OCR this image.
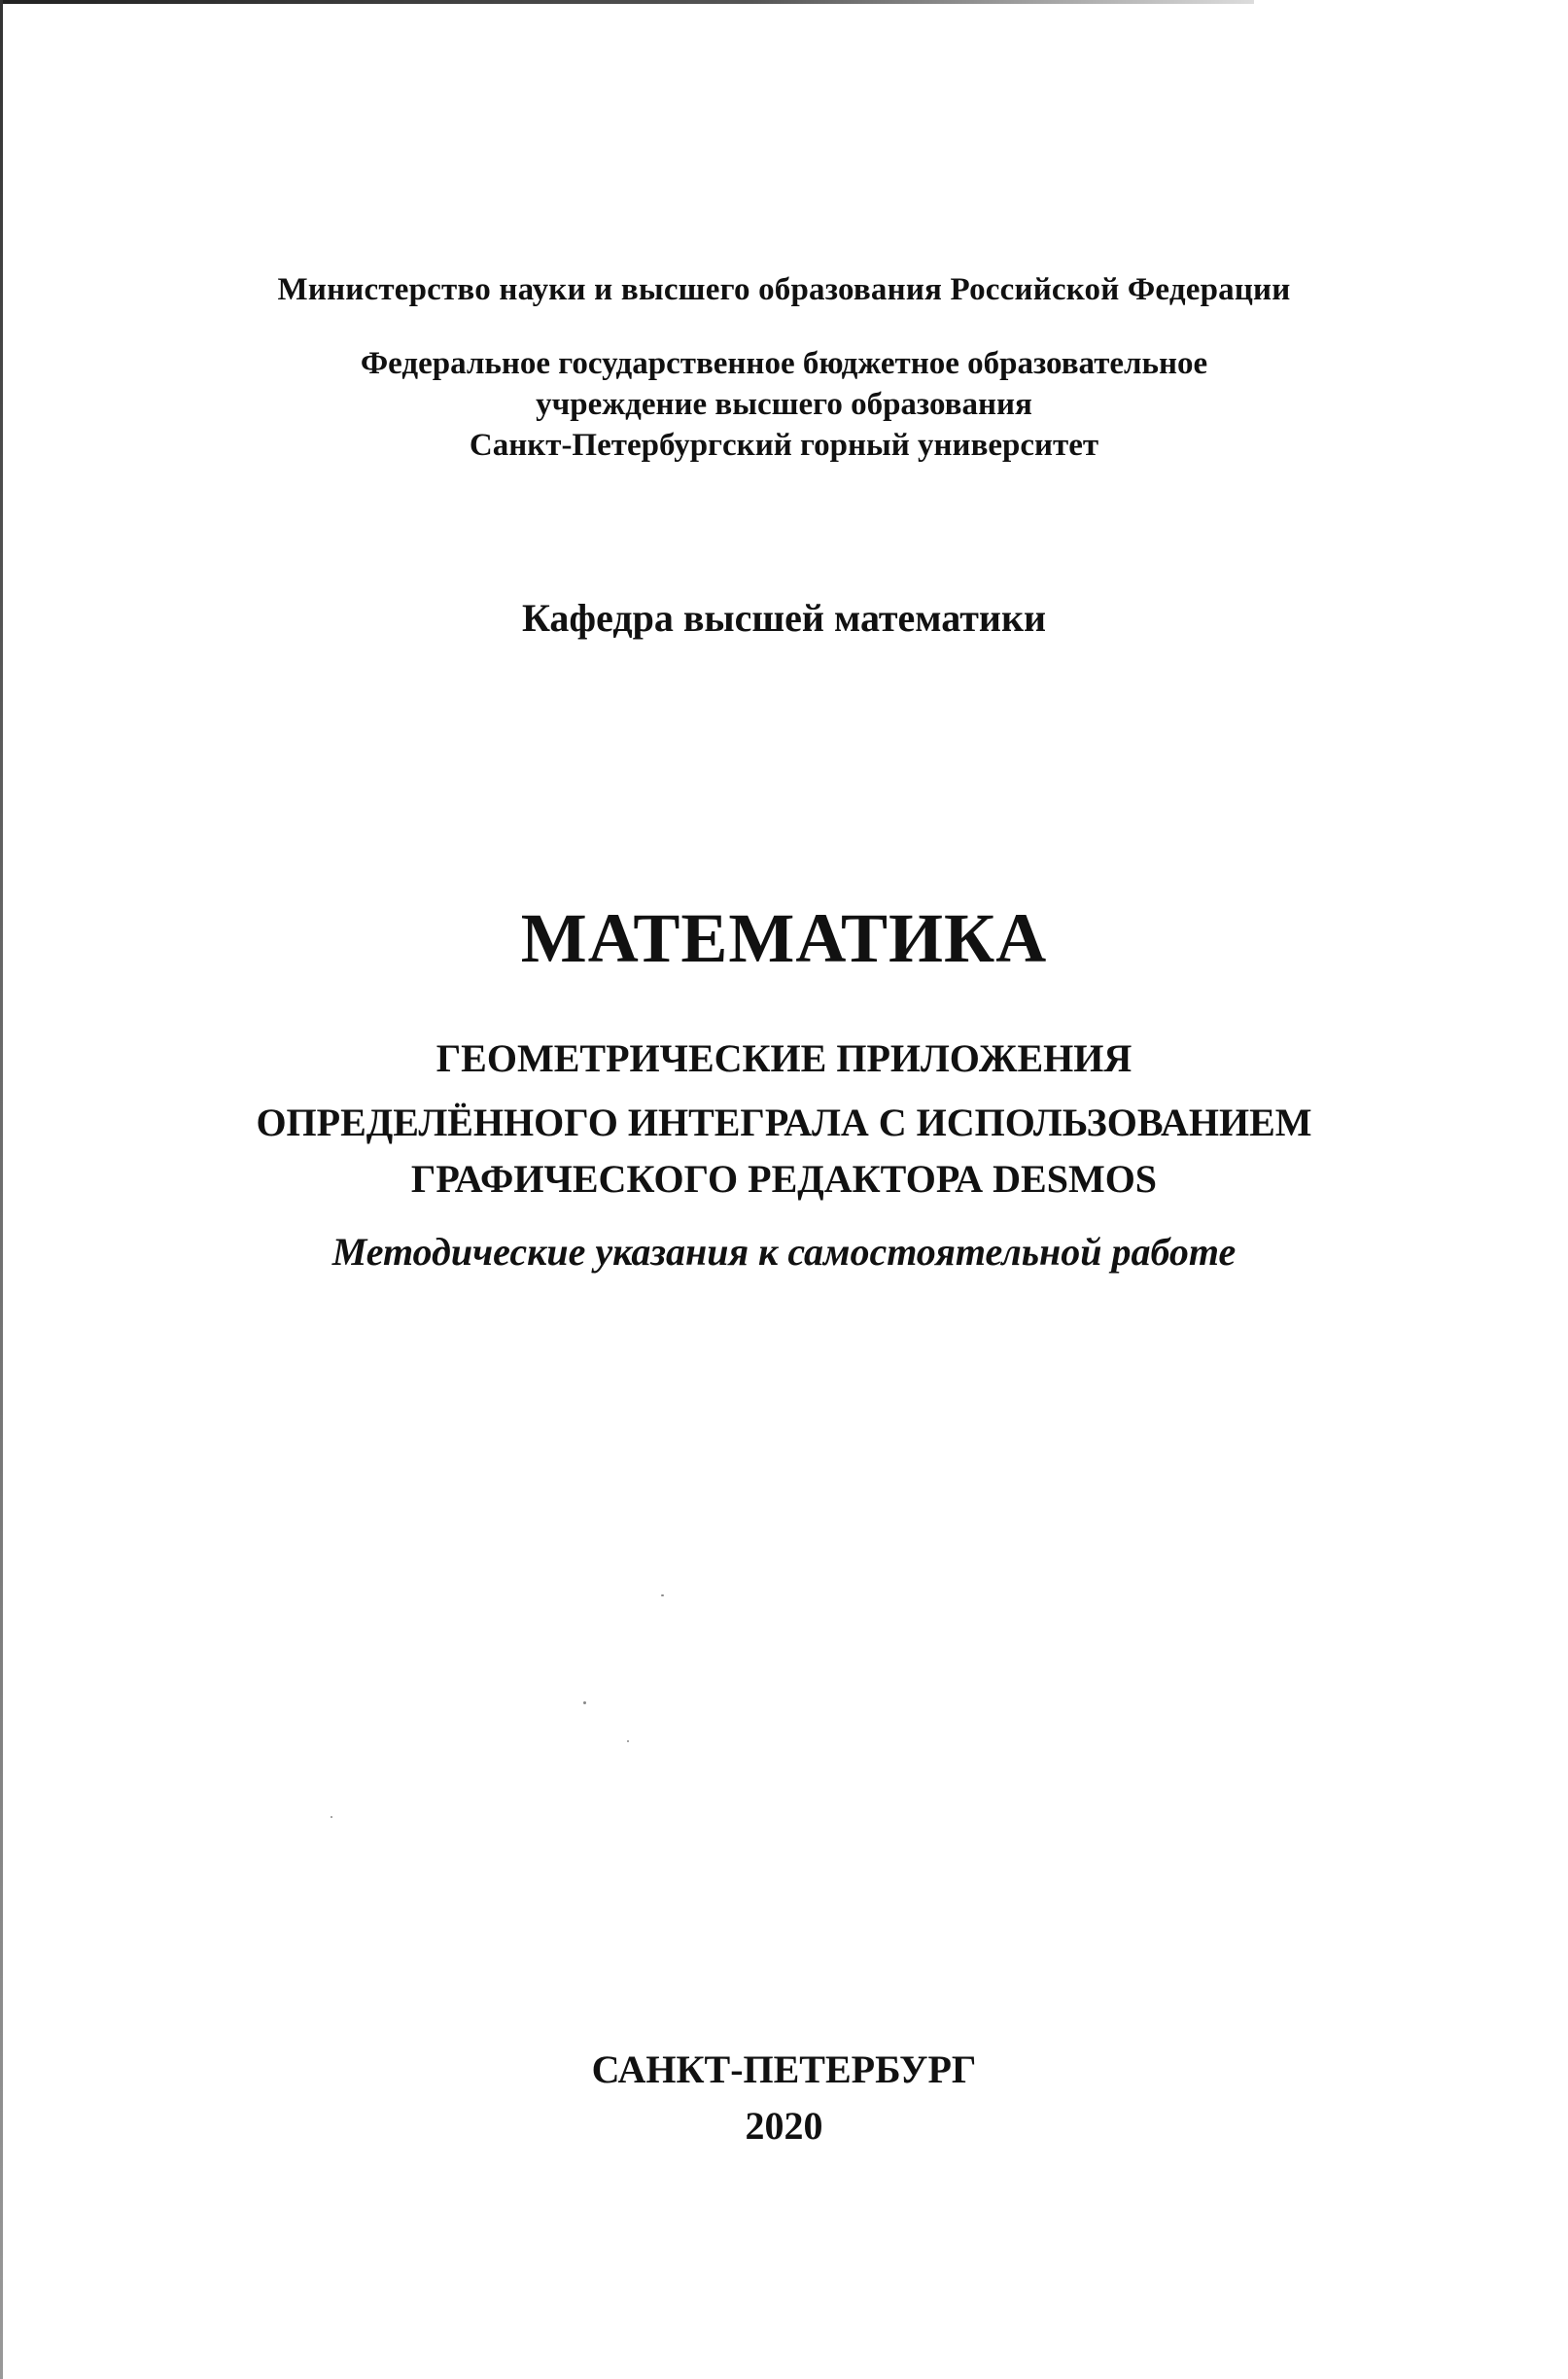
Министерство науки и высшего образования Российской Федерации
Федеральное государственное бюджетное образовательное
учреждение высшего образования
Санкт-Петербургский горный университет
Кафедра высшей математики
МАТЕМАТИКА
ГЕОМЕТРИЧЕСКИЕ ПРИЛОЖЕНИЯ
ОПРЕДЕЛЁННОГО ИНТЕГРАЛА С ИСПОЛЬЗОВАНИЕМ
ГРАФИЧЕСКОГО РЕДАКТОРА DESMOS
Методические указания к самостоятельной работе
САНКТ-ПЕТЕРБУРГ
2020
